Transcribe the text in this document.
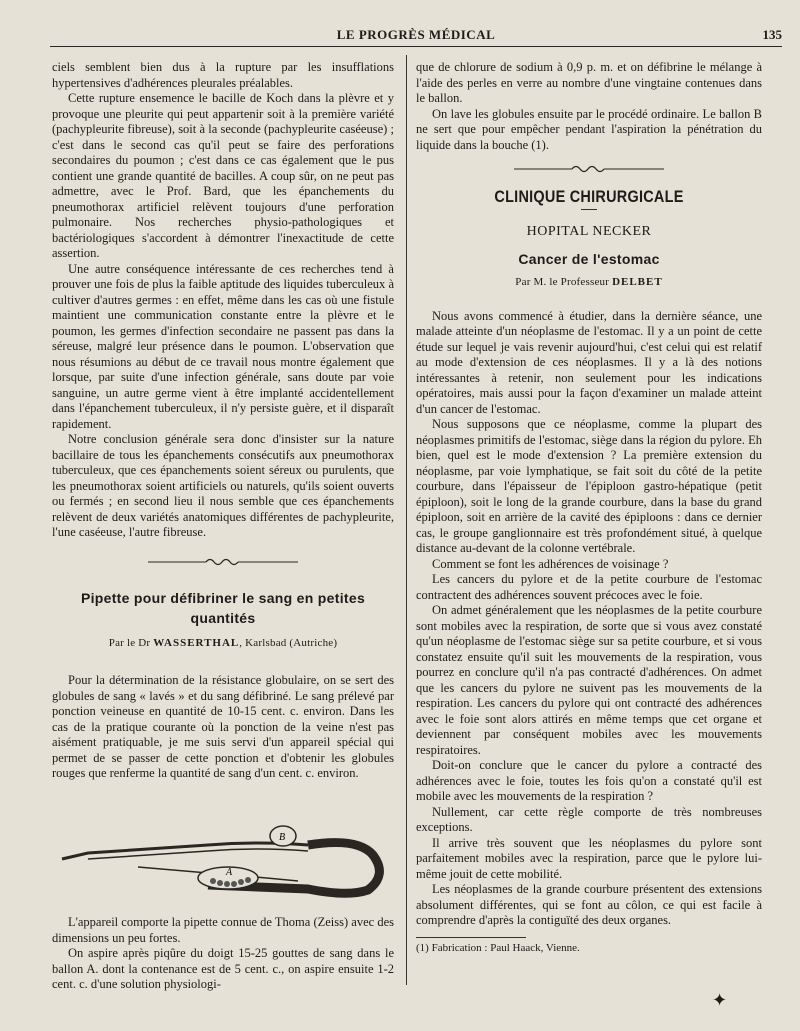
LE PROGRÈS MÉDICAL	135

ciels semblent bien dus à la rupture par les insufflations hypertensives d'adhérences pleurales préalables.

Cette rupture ensemence le bacille de Koch dans la plèvre et y provoque une pleurite qui peut appartenir soit à la première variété (pachypleurite fibreuse), soit à la seconde (pachypleurite caséeuse) ; c'est dans le second cas qu'il peut se faire des perforations secondaires du poumon ; c'est dans ce cas également que le pus contient une grande quantité de bacilles. A coup sûr, on ne peut pas admettre, avec le Prof. Bard, que les épanchements du pneumothorax artificiel relèvent toujours d'une perforation pulmonaire. Nos recherches physio-pathologiques et bactériologiques s'accordent à démontrer l'inexactitude de cette assertion.

Une autre conséquence intéressante de ces recherches tend à prouver une fois de plus la faible aptitude des liquides tuberculeux à cultiver d'autres germes : en effet, même dans les cas où une fistule maintient une communication constante entre la plèvre et le poumon, les germes d'infection secondaire ne passent pas dans la séreuse, malgré leur présence dans le poumon. L'observation que nous résumions au début de ce travail nous montre également que lorsque, par suite d'une infection générale, sans doute par voie sanguine, un autre germe vient à être implanté accidentellement dans l'épanchement tuberculeux, il n'y persiste guère, et il disparaît rapidement.

Notre conclusion générale sera donc d'insister sur la nature bacillaire de tous les épanchements consécutifs aux pneumothorax tuberculeux, que ces épanchements soient séreux ou purulents, que les pneumothorax soient artificiels ou naturels, qu'ils soient ouverts ou fermés ; en second lieu il nous semble que ces épanchements relèvent de deux variétés anatomiques différentes de pachypleurite, l'une caséeuse, l'autre fibreuse.

Pipette pour défibriner le sang en petites
quantités
Par le Dr WASSERTHAL, Karlsbad (Autriche)

Pour la détermination de la résistance globulaire, on se sert des globules de sang « lavés » et du sang défibriné. Le sang prélevé par ponction veineuse en quantité de 10-15 cent. c. environ. Dans les cas de la pratique courante où la ponction de la veine n'est pas aisément pratiquable, je me suis servi d'un appareil spécial qui permet de se passer de cette ponction et d'obtenir les globules rouges que renferme la quantité de sang d'un cent. c. environ.

B
A

L'appareil comporte la pipette connue de Thoma (Zeiss) avec des dimensions un peu fortes.

On aspire après piqûre du doigt 15-25 gouttes de sang dans le ballon A. dont la contenance est de 5 cent. c., on aspire ensuite 1-2 cent. c. d'une solution physiologi-

que de chlorure de sodium à 0,9 p. m. et on défibrine le mélange à l'aide des perles en verre au nombre d'une vingtaine contenues dans le ballon.

On lave les globules ensuite par le procédé ordinaire. Le ballon B ne sert que pour empêcher pendant l'aspiration la pénétration du liquide dans la bouche (1).

CLINIQUE CHIRURGICALE
HOPITAL NECKER
Cancer de l'estomac
Par M. le Professeur DELBET

Nous avons commencé à étudier, dans la dernière séance, une malade atteinte d'un néoplasme de l'estomac. Il y a un point de cette étude sur lequel je vais revenir aujourd'hui, c'est celui qui est relatif au mode d'extension de ces néoplasmes. Il y a là des notions intéressantes à retenir, non seulement pour les indications opératoires, mais aussi pour la façon d'examiner un malade atteint d'un cancer de l'estomac.

Nous supposons que ce néoplasme, comme la plupart des néoplasmes primitifs de l'estomac, siège dans la région du pylore. Eh bien, quel est le mode d'extension ? La première extension du néoplasme, par voie lymphatique, se fait soit du côté de la petite courbure, dans l'épaisseur de l'épiploon gastro-hépatique (petit épiploon), soit le long de la grande courbure, dans la base du grand épiploon, soit en arrière de la cavité des épiploons : dans ce dernier cas, le groupe ganglionnaire est très profondément situé, à quelque distance au-devant de la colonne vertébrale.

Comment se font les adhérences de voisinage ?

Les cancers du pylore et de la petite courbure de l'estomac contractent des adhérences souvent précoces avec le foie.

On admet généralement que les néoplasmes de la petite courbure sont mobiles avec la respiration, de sorte que si vous avez constaté qu'un néoplasme de l'estomac siège sur sa petite courbure, et si vous constatez ensuite qu'il suit les mouvements de la respiration, vous pourrez en conclure qu'il n'a pas contracté d'adhérences. On admet que les cancers du pylore ne suivent pas les mouvements de la respiration. Les cancers du pylore qui ont contracté des adhérences avec le foie sont alors attirés en même temps que cet organe et deviennent par conséquent mobiles avec les mouvements respiratoires.

Doit-on conclure que le cancer du pylore a contracté des adhérences avec le foie, toutes les fois qu'on a constaté qu'il est mobile avec les mouvements de la respiration ?

Nullement, car cette règle comporte de très nombreuses exceptions.

Il arrive très souvent que les néoplasmes du pylore sont parfaitement mobiles avec la respiration, parce que le pylore lui-même jouit de cette mobilité.

Les néoplasmes de la grande courbure présentent des extensions absolument différentes, qui se font au côlon, ce qui est facile à comprendre d'après la contiguïté des deux organes.

(1) Fabrication : Paul Haack, Vienne.
✦
